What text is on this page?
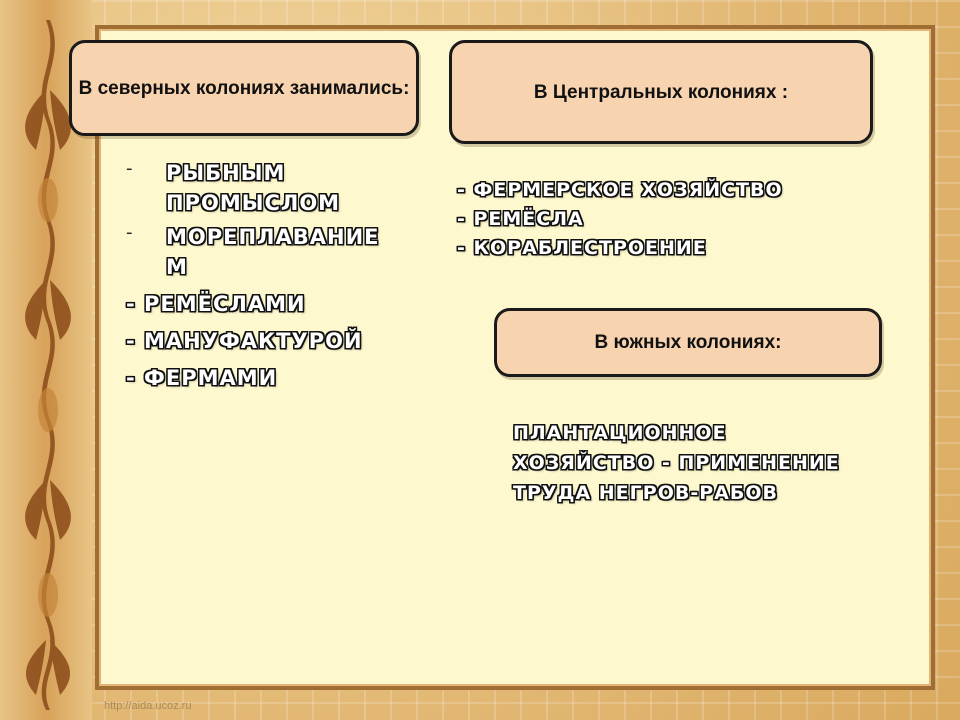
В северных колониях занимались:	В Центральных колониях :
В южных колониях:
- РЫБНЫМ ПРОМЫСЛОМ
- МОРЕПЛАВАНИЕ М
- РЕМЁСЛАМИ
- МАНУФАКТУРОЙ
- ФЕРМАМИ
- ФЕРМЕРСКОЕ ХОЗЯЙСТВО
- РЕМЁСЛА
- КОРАБЛЕСТРОЕНИЕ
ПЛАНТАЦИОННОЕ
ХОЗЯЙСТВО - ПРИМЕНЕНИЕ
ТРУДА НЕГРОВ-РАБОВ
http://aida.ucoz.ru
